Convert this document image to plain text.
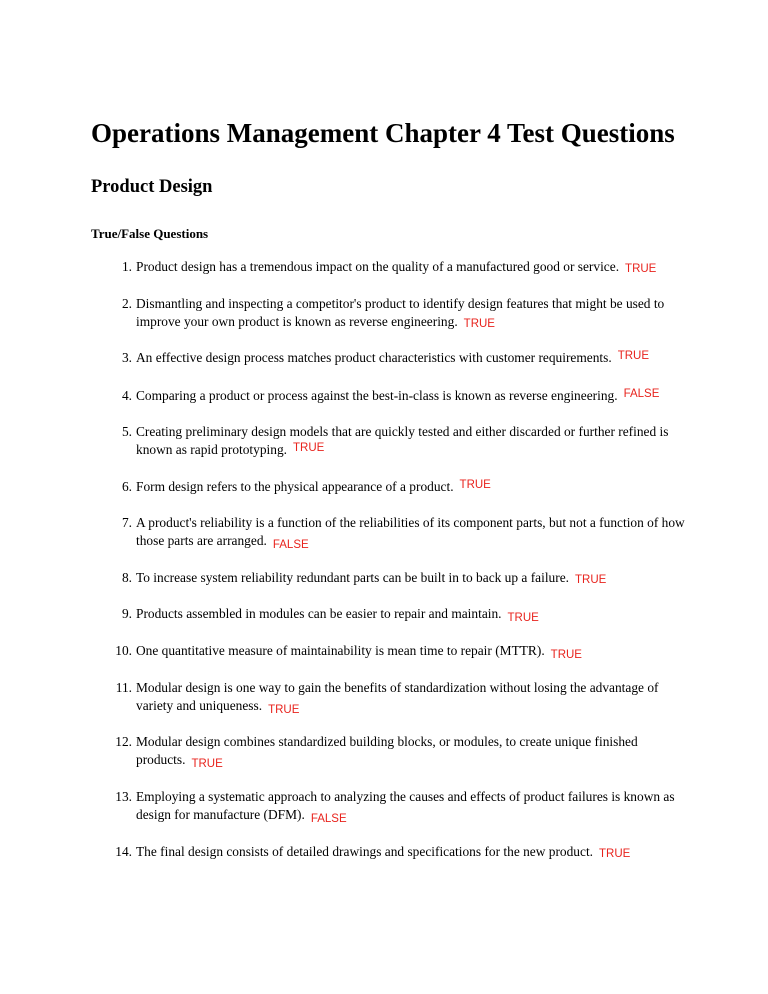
Operations Management Chapter 4 Test Questions
Product Design
True/False Questions
1. Product design has a tremendous impact on the quality of a manufactured good or service. TRUE
2. Dismantling and inspecting a competitor's product to identify design features that might be used to improve your own product is known as reverse engineering. TRUE
3. An effective design process matches product characteristics with customer requirements. TRUE
4. Comparing a product or process against the best-in-class is known as reverse engineering. FALSE
5. Creating preliminary design models that are quickly tested and either discarded or further refined is known as rapid prototyping. TRUE
6. Form design refers to the physical appearance of a product. TRUE
7. A product's reliability is a function of the reliabilities of its component parts, but not a function of how those parts are arranged. FALSE
8. To increase system reliability redundant parts can be built in to back up a failure. TRUE
9. Products assembled in modules can be easier to repair and maintain. TRUE
10. One quantitative measure of maintainability is mean time to repair (MTTR). TRUE
11. Modular design is one way to gain the benefits of standardization without losing the advantage of variety and uniqueness. TRUE
12. Modular design combines standardized building blocks, or modules, to create unique finished products. TRUE
13. Employing a systematic approach to analyzing the causes and effects of product failures is known as design for manufacture (DFM). FALSE
14. The final design consists of detailed drawings and specifications for the new product. TRUE
